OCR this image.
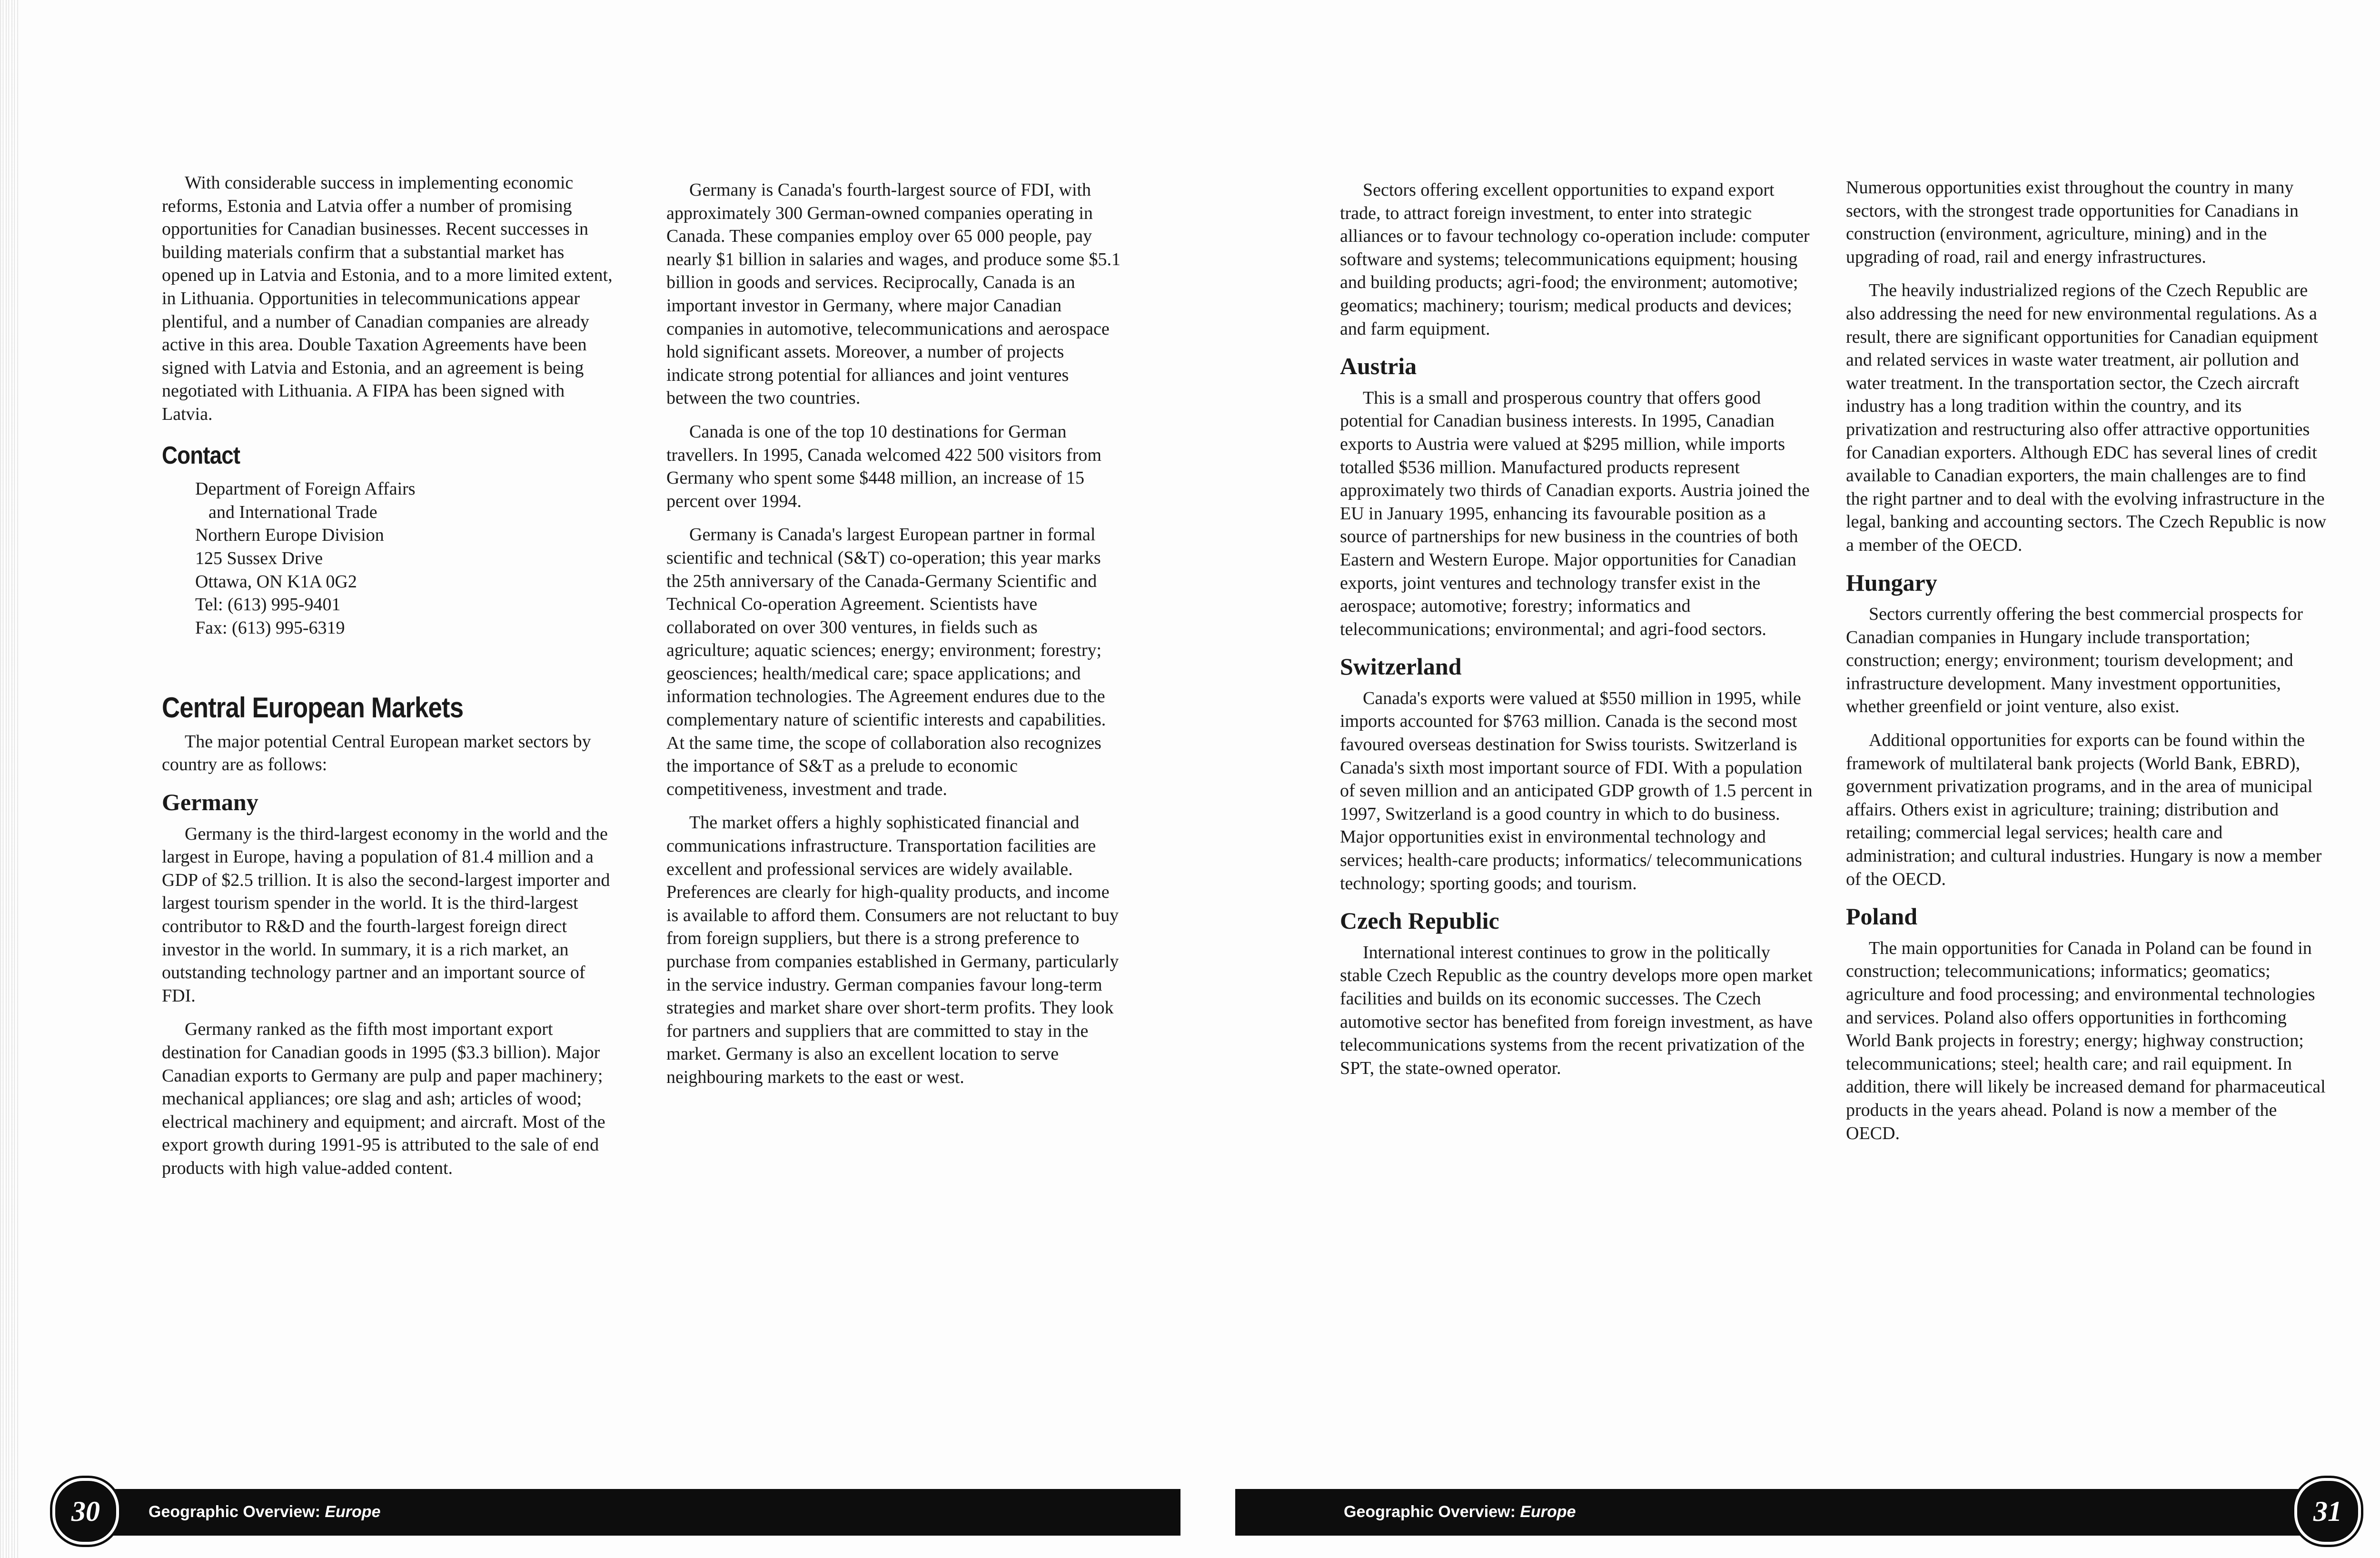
With considerable success in implementing economic reforms, Estonia and Latvia offer a number of promising opportunities for Canadian businesses. Recent successes in building materials confirm that a substantial market has opened up in Latvia and Estonia, and to a more limited extent, in Lithuania. Opportunities in telecommunications appear plentiful, and a number of Canadian companies are already active in this area. Double Taxation Agreements have been signed with Latvia and Estonia, and an agreement is being negotiated with Lithuania. A FIPA has been signed with Latvia.

Contact
Department of Foreign Affairs
and International Trade
Northern Europe Division
125 Sussex Drive
Ottawa, ON K1A 0G2
Tel: (613) 995-9401
Fax: (613) 995-6319
Central European Markets

The major potential Central European market sectors by country are as follows:

Germany

Germany is the third-largest economy in the world and the largest in Europe, having a population of 81.4 million and a GDP of $2.5 trillion. It is also the second-largest importer and largest tourism spender in the world. It is the third-largest contributor to R&D and the fourth-largest foreign direct investor in the world. In summary, it is a rich market, an outstanding technology partner and an important source of FDI.

Germany ranked as the fifth most important export destination for Canadian goods in 1995 ($3.3 billion). Major Canadian exports to Germany are pulp and paper machinery; mechanical appliances; ore slag and ash; articles of wood; electrical machinery and equipment; and aircraft. Most of the export growth during 1991-95 is attributed to the sale of end products with high value-added content.

Germany is Canada's fourth-largest source of FDI, with approximately 300 German-owned companies operating in Canada. These companies employ over 65 000 people, pay nearly $1 billion in salaries and wages, and produce some $5.1 billion in goods and services. Reciprocally, Canada is an important investor in Germany, where major Canadian companies in automotive, telecommunications and aerospace hold significant assets. Moreover, a number of projects indicate strong potential for alliances and joint ventures between the two countries.

Canada is one of the top 10 destinations for German travellers. In 1995, Canada welcomed 422 500 visitors from Germany who spent some $448 million, an increase of 15 percent over 1994.

Germany is Canada's largest European partner in formal scientific and technical (S&T) co-operation; this year marks the 25th anniversary of the Canada-Germany Scientific and Technical Co-operation Agreement. Scientists have collaborated on over 300 ventures, in fields such as agriculture; aquatic sciences; energy; environment; forestry; geosciences; health/medical care; space applications; and information technologies. The Agreement endures due to the complementary nature of scientific interests and capabilities. At the same time, the scope of collaboration also recognizes the importance of S&T as a prelude to economic competitiveness, investment and trade.

The market offers a highly sophisticated financial and communications infrastructure. Transportation facilities are excellent and professional services are widely available. Preferences are clearly for high-quality products, and income is available to afford them. Consumers are not reluctant to buy from foreign suppliers, but there is a strong preference to purchase from companies established in Germany, particularly in the service industry. German companies favour long-term strategies and market share over short-term profits. They look for partners and suppliers that are committed to stay in the market. Germany is also an excellent location to serve neighbouring markets to the east or west.

Geographic Overview: Europe
30

Sectors offering excellent opportunities to expand export trade, to attract foreign investment, to enter into strategic alliances or to favour technology co-operation include: computer software and systems; telecommunications equipment; housing and building products; agri-food; the environment; automotive; geomatics; machinery; tourism; medical products and devices; and farm equipment.

Austria

This is a small and prosperous country that offers good potential for Canadian business interests. In 1995, Canadian exports to Austria were valued at $295 million, while imports totalled $536 million. Manufactured products represent approximately two thirds of Canadian exports. Austria joined the EU in January 1995, enhancing its favourable position as a source of partnerships for new business in the countries of both Eastern and Western Europe. Major opportunities for Canadian exports, joint ventures and technology transfer exist in the aerospace; automotive; forestry; informatics and telecommunications; environmental; and agri-food sectors.

Switzerland

Canada's exports were valued at $550 million in 1995, while imports accounted for $763 million. Canada is the second most favoured overseas destination for Swiss tourists. Switzerland is Canada's sixth most important source of FDI. With a population of seven million and an anticipated GDP growth of 1.5 percent in 1997, Switzerland is a good country in which to do business. Major opportunities exist in environmental technology and services; health-care products; informatics/ telecommunications technology; sporting goods; and tourism.

Czech Republic

International interest continues to grow in the politically stable Czech Republic as the country develops more open market facilities and builds on its economic successes. The Czech automotive sector has benefited from foreign investment, as have telecommunications systems from the recent privatization of the SPT, the state-owned operator.

Numerous opportunities exist throughout the country in many sectors, with the strongest trade opportunities for Canadians in construction (environment, agriculture, mining) and in the upgrading of road, rail and energy infrastructures.

The heavily industrialized regions of the Czech Republic are also addressing the need for new environmental regulations. As a result, there are significant opportunities for Canadian equipment and related services in waste water treatment, air pollution and water treatment. In the transportation sector, the Czech aircraft industry has a long tradition within the country, and its privatization and restructuring also offer attractive opportunities for Canadian exporters. Although EDC has several lines of credit available to Canadian exporters, the main challenges are to find the right partner and to deal with the evolving infrastructure in the legal, banking and accounting sectors. The Czech Republic is now a member of the OECD.

Hungary

Sectors currently offering the best commercial prospects for Canadian companies in Hungary include transportation; construction; energy; environment; tourism development; and infrastructure development. Many investment opportunities, whether greenfield or joint venture, also exist.

Additional opportunities for exports can be found within the framework of multilateral bank projects (World Bank, EBRD), government privatization programs, and in the area of municipal affairs. Others exist in agriculture; training; distribution and retailing; commercial legal services; health care and administration; and cultural industries. Hungary is now a member of the OECD.

Poland

The main opportunities for Canada in Poland can be found in construction; telecommunications; informatics; geomatics; agriculture and food processing; and environmental technologies and services. Poland also offers opportunities in forthcoming World Bank projects in forestry; energy; highway construction; telecommunications; steel; health care; and rail equipment. In addition, there will likely be increased demand for pharmaceutical products in the years ahead. Poland is now a member of the OECD.

Geographic Overview: Europe	31
